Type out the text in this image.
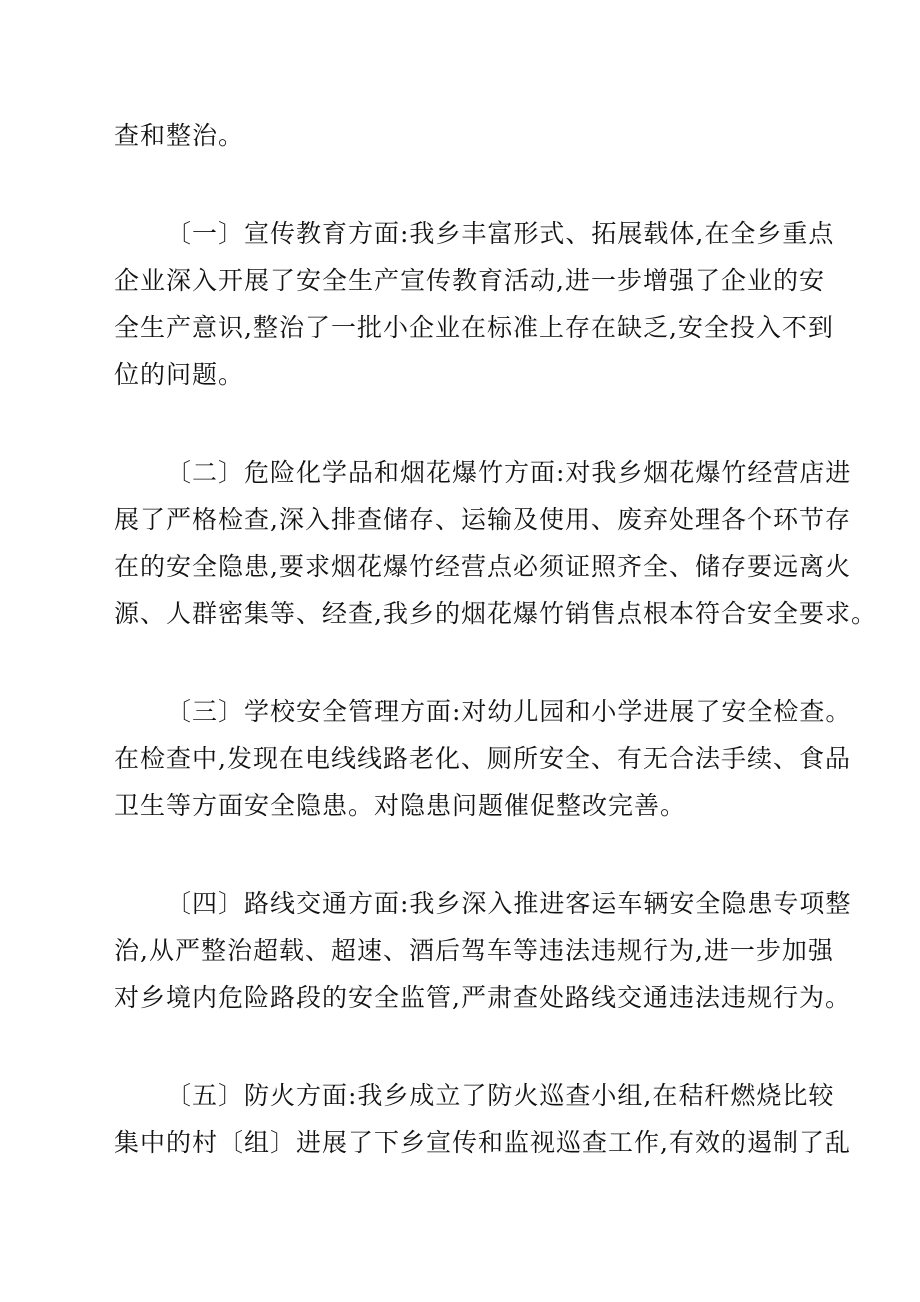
查和整治。
〔一〕宣传教育方面:我乡丰富形式、拓展载体,在全乡重点
企业深入开展了安全生产宣传教育活动,进一步增强了企业的安
全生产意识,整治了一批小企业在标准上存在缺乏,安全投入不到
位的问题。
〔二〕危险化学品和烟花爆竹方面:对我乡烟花爆竹经营店进
展了严格检查,深入排查储存、运输及使用、废弃处理各个环节存
在的安全隐患,要求烟花爆竹经营点必须证照齐全、储存要远离火
源、人群密集等、经查,我乡的烟花爆竹销售点根本符合安全要求。
〔三〕学校安全管理方面:对幼儿园和小学进展了安全检查。
在检查中,发现在电线线路老化、厕所安全、有无合法手续、食品
卫生等方面安全隐患。对隐患问题催促整改完善。
〔四〕路线交通方面:我乡深入推进客运车辆安全隐患专项整
治,从严整治超载、超速、酒后驾车等违法违规行为,进一步加强
对乡境内危险路段的安全监管,严肃查处路线交通违法违规行为。
〔五〕防火方面:我乡成立了防火巡查小组,在秸秆燃烧比较
集中的村〔组〕进展了下乡宣传和监视巡查工作,有效的遏制了乱
